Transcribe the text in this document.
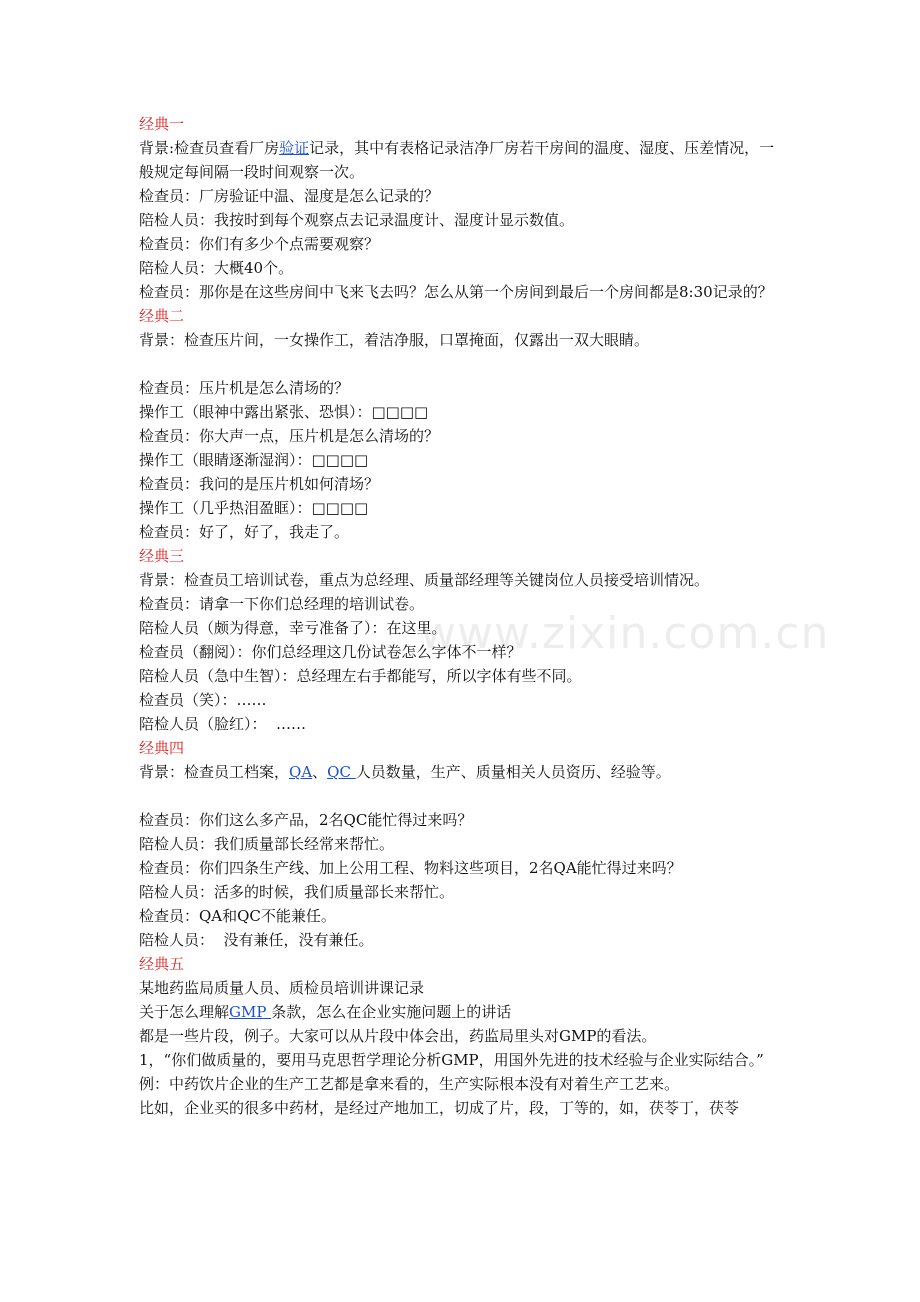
www.zixin.com.cn

经典一

背景:检查员查看厂房验证记录，其中有表格记录洁净厂房若干房间的温度、湿度、压差情况，一般规定每间隔一段时间观察一次。

检查员：厂房验证中温、湿度是怎么记录的？

陪检人员：我按时到每个观察点去记录温度计、湿度计显示数值。

检查员：你们有多少个点需要观察？

陪检人员：大概40个。

检查员：那你是在这些房间中飞来飞去吗？怎么从第一个房间到最后一个房间都是8:30记录的？

经典二

背景：检查压片间，一女操作工，着洁净服，口罩掩面，仅露出一双大眼睛。

检查员：压片机是怎么清场的？

操作工（眼神中露出紧张、恐惧）：□□□□

检查员：你大声一点，压片机是怎么清场的？

操作工（眼睛逐渐湿润）：□□□□

检查员：我问的是压片机如何清场？

操作工（几乎热泪盈眶）：□□□□

检查员：好了，好了，我走了。

经典三

背景：检查员工培训试卷，重点为总经理、质量部经理等关键岗位人员接受培训情况。

检查员：请拿一下你们总经理的培训试卷。

陪检人员（颇为得意，幸亏准备了）：在这里。

检查员（翻阅）：你们总经理这几份试卷怎么字体不一样？

陪检人员（急中生智）：总经理左右手都能写，所以字体有些不同。

检查员（笑）：……

陪检人员（脸红）：  ……

经典四

背景：检查员工档案，QA、QC 人员数量，生产、质量相关人员资历、经验等。

检查员：你们这么多产品，2名QC能忙得过来吗？

陪检人员：我们质量部长经常来帮忙。

检查员：你们四条生产线、加上公用工程、物料这些项目，2名QA能忙得过来吗？

陪检人员：活多的时候，我们质量部长来帮忙。

检查员：QA和QC不能兼任。

陪检人员：  没有兼任，没有兼任。

经典五

某地药监局质量人员、质检员培训讲课记录

关于怎么理解GMP 条款，怎么在企业实施问题上的讲话

都是一些片段，例子。大家可以从片段中体会出，药监局里头对GMP的看法。

1，“你们做质量的，要用马克思哲学理论分析GMP，用国外先进的技术经验与企业实际结合。”

例：中药饮片企业的生产工艺都是拿来看的，生产实际根本没有对着生产工艺来。

比如，企业买的很多中药材，是经过产地加工，切成了片，段，丁等的，如，茯苓丁，茯苓
